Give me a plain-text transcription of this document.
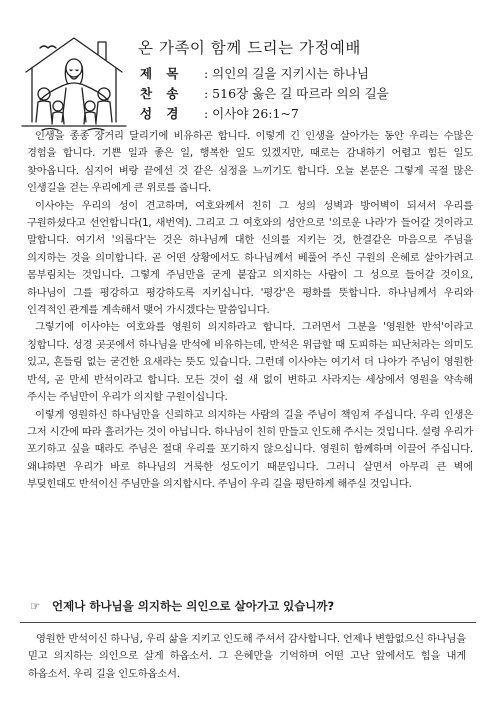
온 가족이 함께 드리는 가정예배
제 목 : 의인의 길을 지키시는 하나님
찬 송 : 516장 옳은 길 따르라 의의 길을
성 경 : 이사야 26:1~7

인생을 종종 장거리 달리기에 비유하곤 합니다. 이렇게 긴 인생을 살아가는 동안 우리는 수많은 경험을 합니다. 기쁜 일과 좋은 일, 행복한 일도 있겠지만, 때로는 감내하기 어렵고 힘든 일도 찾아옵니다. 심지어 벼랑 끝에선 것 같은 심정을 느끼기도 합니다. 오늘 본문은 그렇게 곡절 많은 인생길을 걷는 우리에게 큰 위로를 줍니다.

이사야는 우리의 성이 견고하며, 여호와께서 친히 그 성의 성벽과 방어벽이 되셔서 우리를 구원하셨다고 선언합니다(1, 새번역). 그리고 그 여호와의 성안으로 '의로운 나라'가 들어갈 것이라고 말합니다. 여기서 '의롭다'는 것은 하나님께 대한 신의를 지키는 것, 한결같은 마음으로 주님을 의지하는 것을 의미합니다. 곧 어떤 상황에서도 하나님께서 베풀어 주신 구원의 은혜로 살아가려고 몸부림치는 것입니다. 그렇게 주님만을 굳게 붙잡고 의지하는 사람이 그 성으로 들어갈 것이요, 하나님이 그를 평강하고 평강하도록 지키십니다. '평강'은 평화를 뜻합니다. 하나님께서 우리와 인격적인 관계를 계속해서 맺어 가시겠다는 말씀입니다.

그렇기에 이사야는 여호와를 영원히 의지하라고 합니다. 그러면서 그분을 '영원한 반석'이라고 칭합니다. 성경 곳곳에서 하나님을 반석에 비유하는데, 반석은 위급할 때 도피하는 피난처라는 의미도 있고, 흔들림 없는 굳건한 요새라는 뜻도 있습니다. 그런데 이사야는 여기서 더 나아가 주님이 영원한 반석, 곧 만세 반석이라고 합니다. 모든 것이 쉴 새 없이 변하고 사라지는 세상에서 영원을 약속해 주시는 주님만이 우리가 의지할 구원이십니다.

이렇게 영원하신 하나님만을 신뢰하고 의지하는 사람의 길을 주님이 책임져 주십니다. 우리 인생은 그저 시간에 따라 흘러가는 것이 아닙니다. 하나님이 친히 만들고 인도해 주시는 것입니다. 설령 우리가 포기하고 싶을 때라도 주님은 절대 우리를 포기하지 않으십니다. 영원히 함께하며 이끌어 주십니다. 왜냐하면 우리가 바로 하나님의 거룩한 성도이기 때문입니다. 그러니 살면서 아무리 큰 벽에 부딪힌대도 반석이신 주님만을 의지합시다. 주님이 우리 길을 평탄하게 해주실 것입니다.

☞ 언제나 하나님을 의지하는 의인으로 살아가고 있습니까?

영원한 반석이신 하나님, 우리 삶을 지키고 인도해 주셔서 감사합니다. 언제나 변함없으신 하나님을 믿고 의지하는 의인으로 살게 하옵소서. 그 은혜만을 기억하며 어떤 고난 앞에서도 힘을 내게 하옵소서. 우리 길을 인도하옵소서.
